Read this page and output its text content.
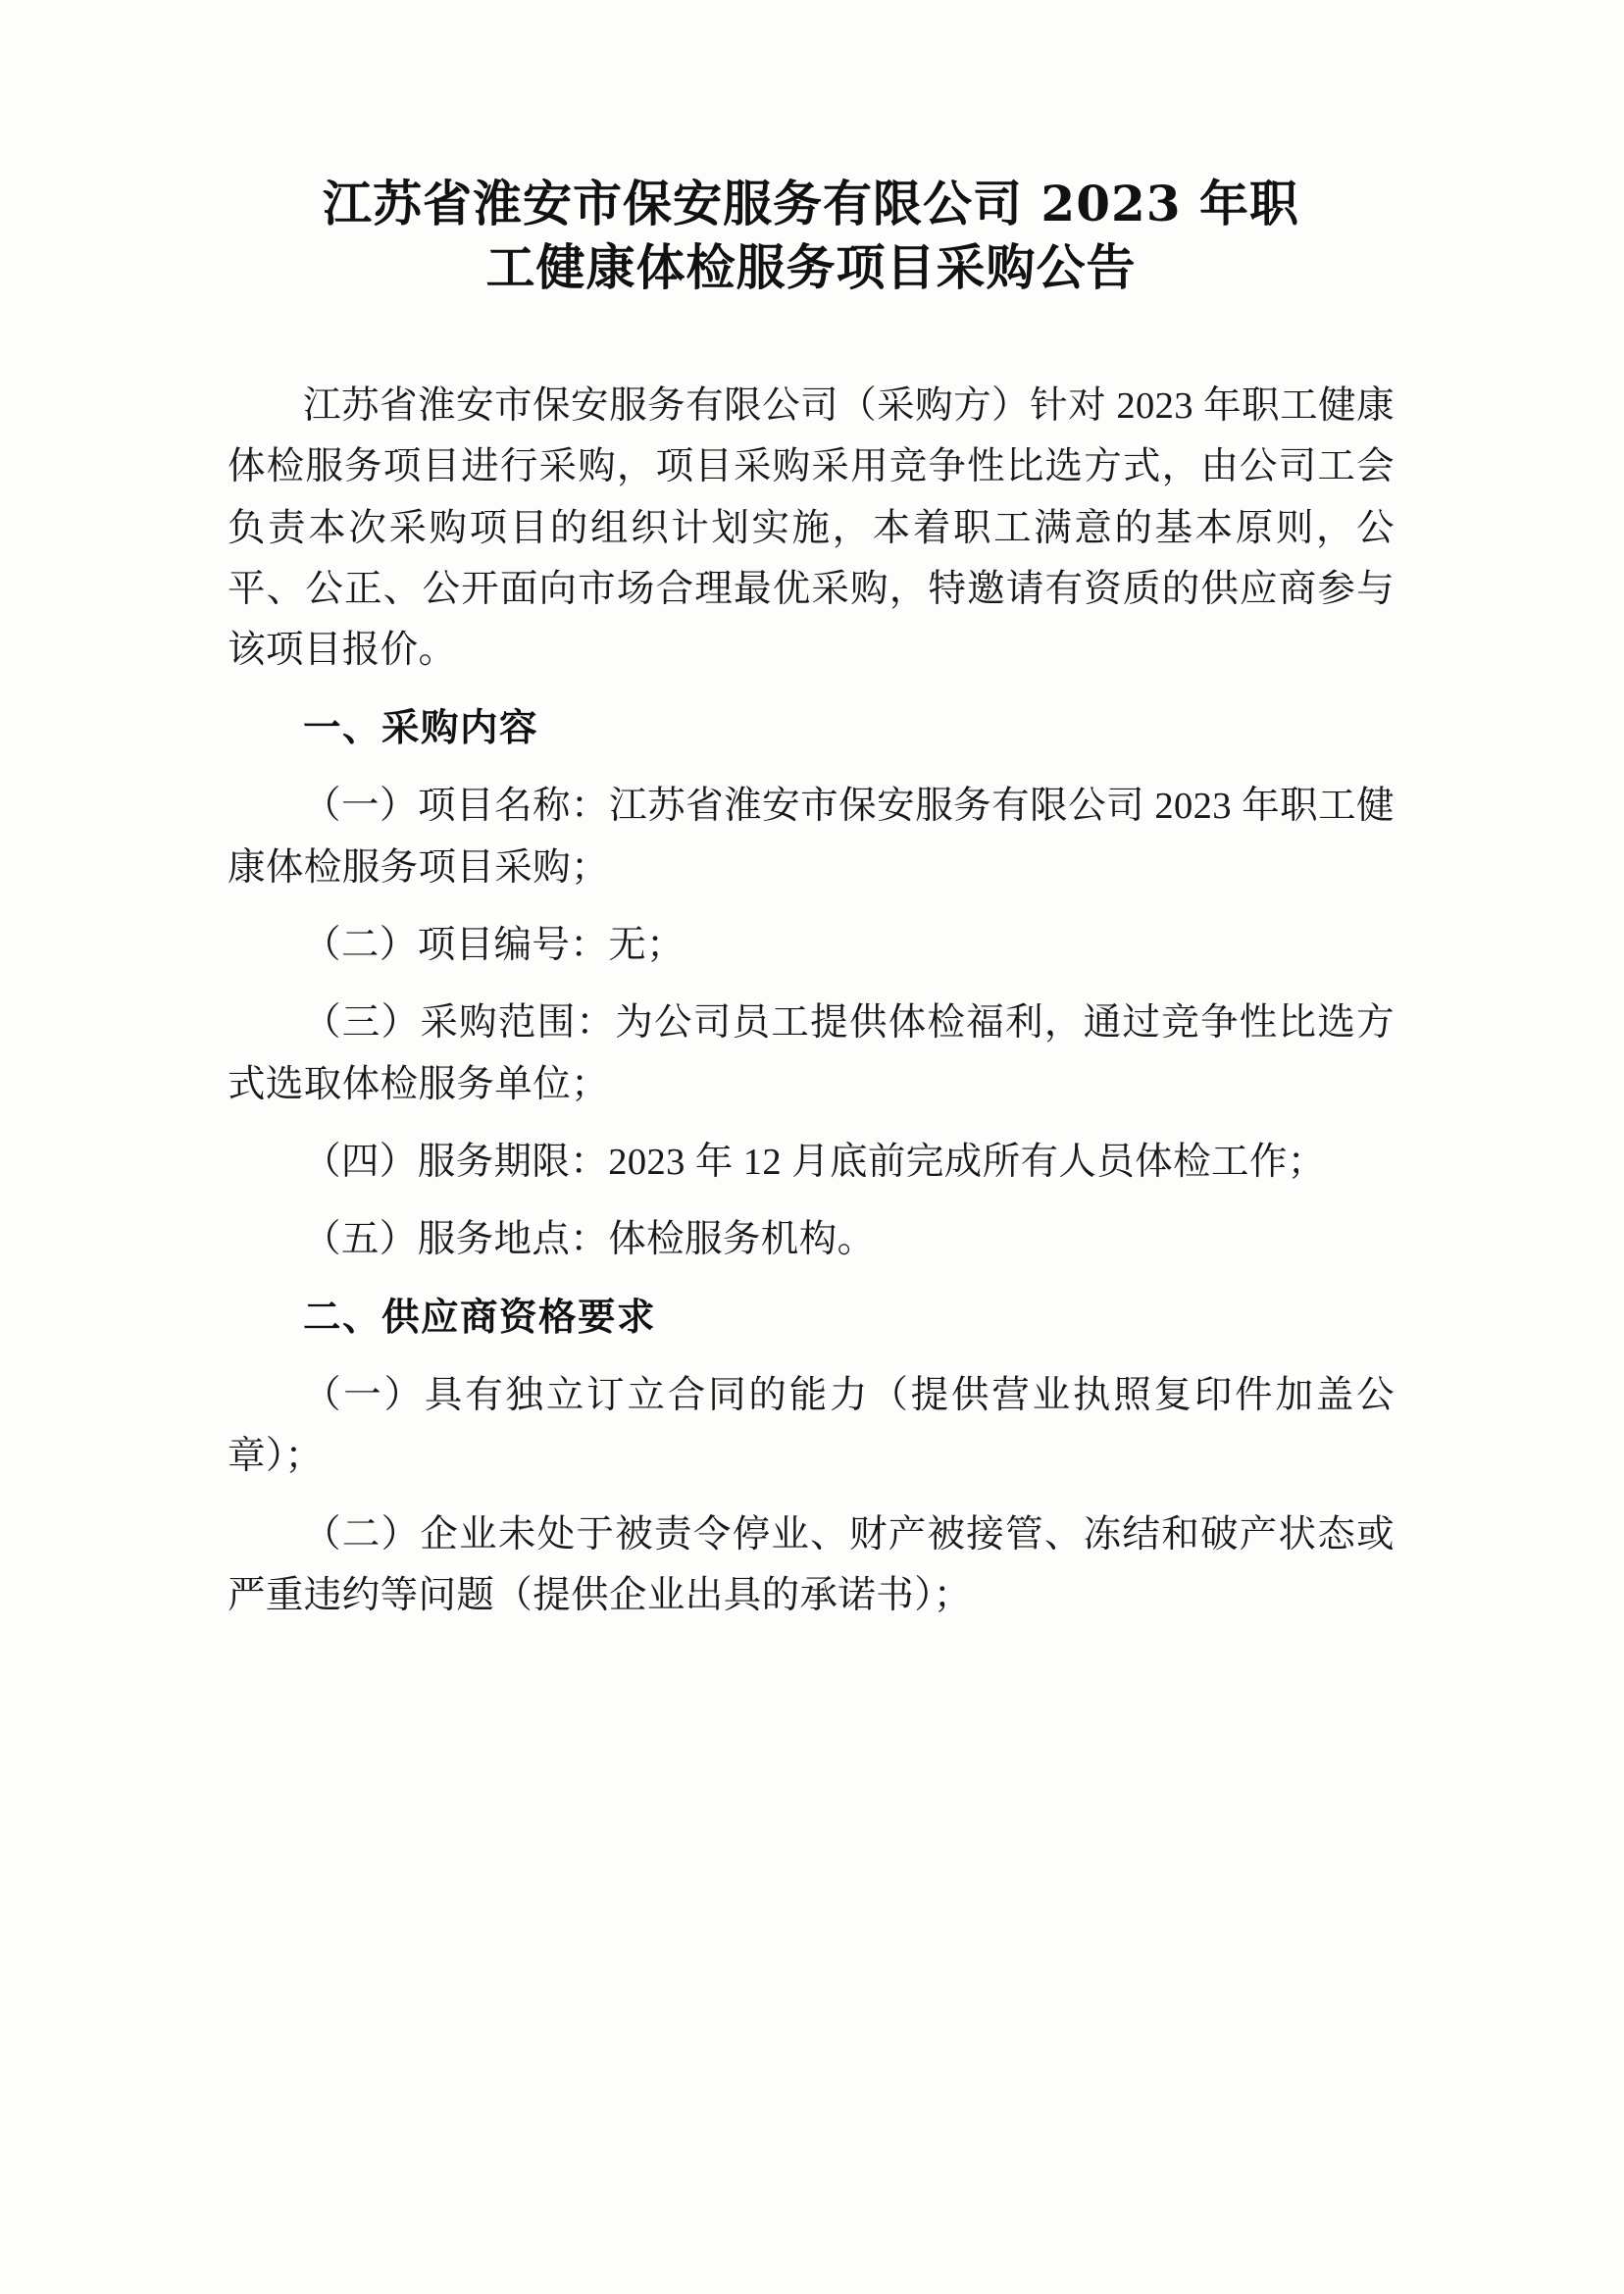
江苏省淮安市保安服务有限公司 2023 年职
工健康体检服务项目采购公告

江苏省淮安市保安服务有限公司（采购方）针对 2023 年职工健康体检服务项目进行采购，项目采购采用竞争性比选方式，由公司工会负责本次采购项目的组织计划实施，本着职工满意的基本原则，公平、公正、公开面向市场合理最优采购，特邀请有资质的供应商参与该项目报价。

一、采购内容

（一）项目名称：江苏省淮安市保安服务有限公司 2023 年职工健康体检服务项目采购；

（二）项目编号：无；

（三）采购范围：为公司员工提供体检福利，通过竞争性比选方式选取体检服务单位；

（四）服务期限：2023 年 12 月底前完成所有人员体检工作；

（五）服务地点：体检服务机构。

二、供应商资格要求

（一）具有独立订立合同的能力（提供营业执照复印件加盖公章）；

（二）企业未处于被责令停业、财产被接管、冻结和破产状态或严重违约等问题（提供企业出具的承诺书）；
